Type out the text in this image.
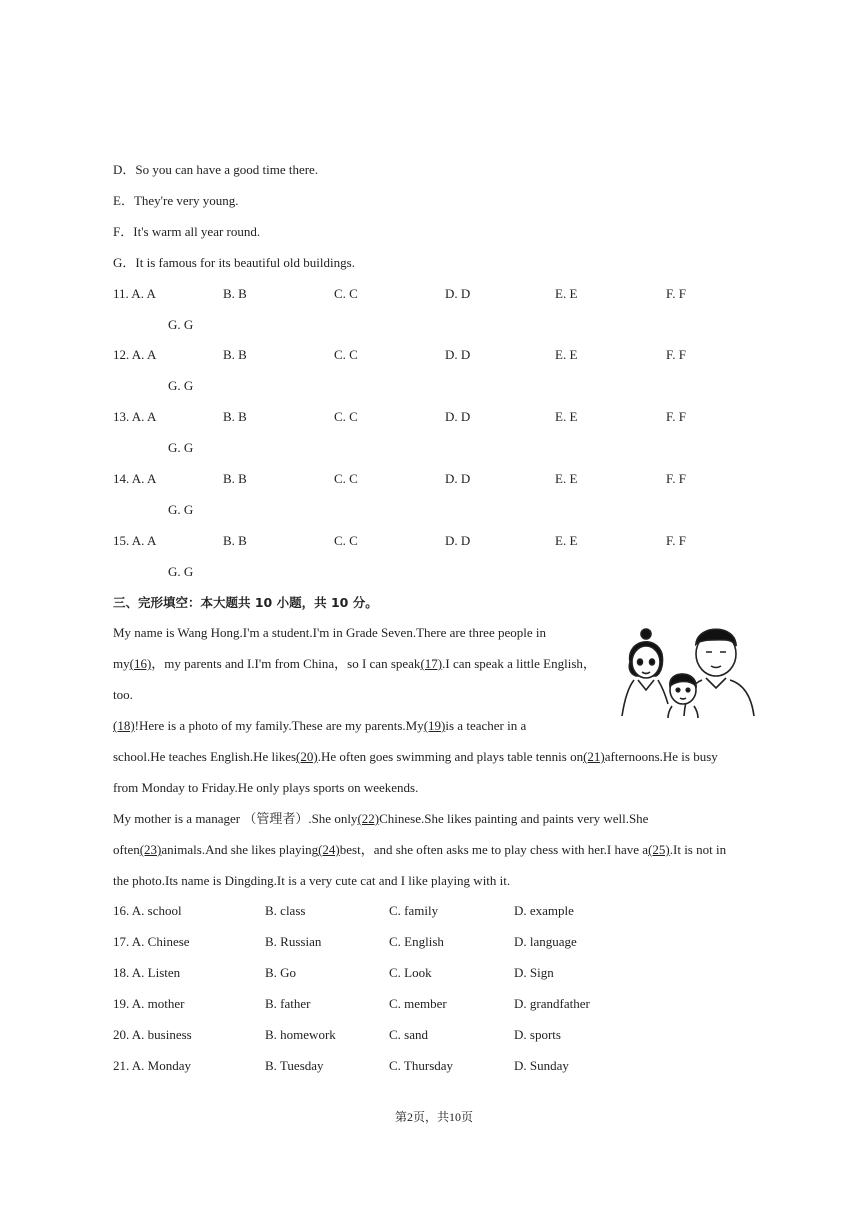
D．So you can have a good time there.
E．They're very young.
F．It's warm all year round.
G．It is famous for its beautiful old buildings.
11. A. A	B. B	C. C	D. D	E. E	F. F
G. G
12. A. A	B. B	C. C	D. D	E. E	F. F
G. G
13. A. A	B. B	C. C	D. D	E. E	F. F
G. G
14. A. A	B. B	C. C	D. D	E. E	F. F
G. G
15. A. A	B. B	C. C	D. D	E. E	F. F
G. G
三、完形填空：本大题共 10 小题，共 10 分。
My name is Wang Hong.I'm a student.I'm in Grade Seven.There are three people in
my(16)，my parents and I.I'm from China，so I can speak(17).I can speak a little English，
too.
(18)!Here is a photo of my family.These are my parents.My(19)is a teacher in a
school.He teaches English.He likes(20).He often goes swimming and plays table tennis on(21)afternoons.He is busy
from Monday to Friday.He only plays sports on weekends.
My mother is a manager （管理者）.She only(22)Chinese.She likes painting and paints very well.She
often(23)animals.And she likes playing(24)best，and she often asks me to play chess with her.I have a(25).It is not in
the photo.Its name is Dingding.It is a very cute cat and I like playing with it.
16. A. school	B. class	C. family	D. example
17. A. Chinese	B. Russian	C. English	D. language
18. A. Listen	B. Go	C. Look	D. Sign
19. A. mother	B. father	C. member	D. grandfather
20. A. business	B. homework	C. sand	D. sports
21. A. Monday	B. Tuesday	C. Thursday	D. Sunday
第2页，共10页
